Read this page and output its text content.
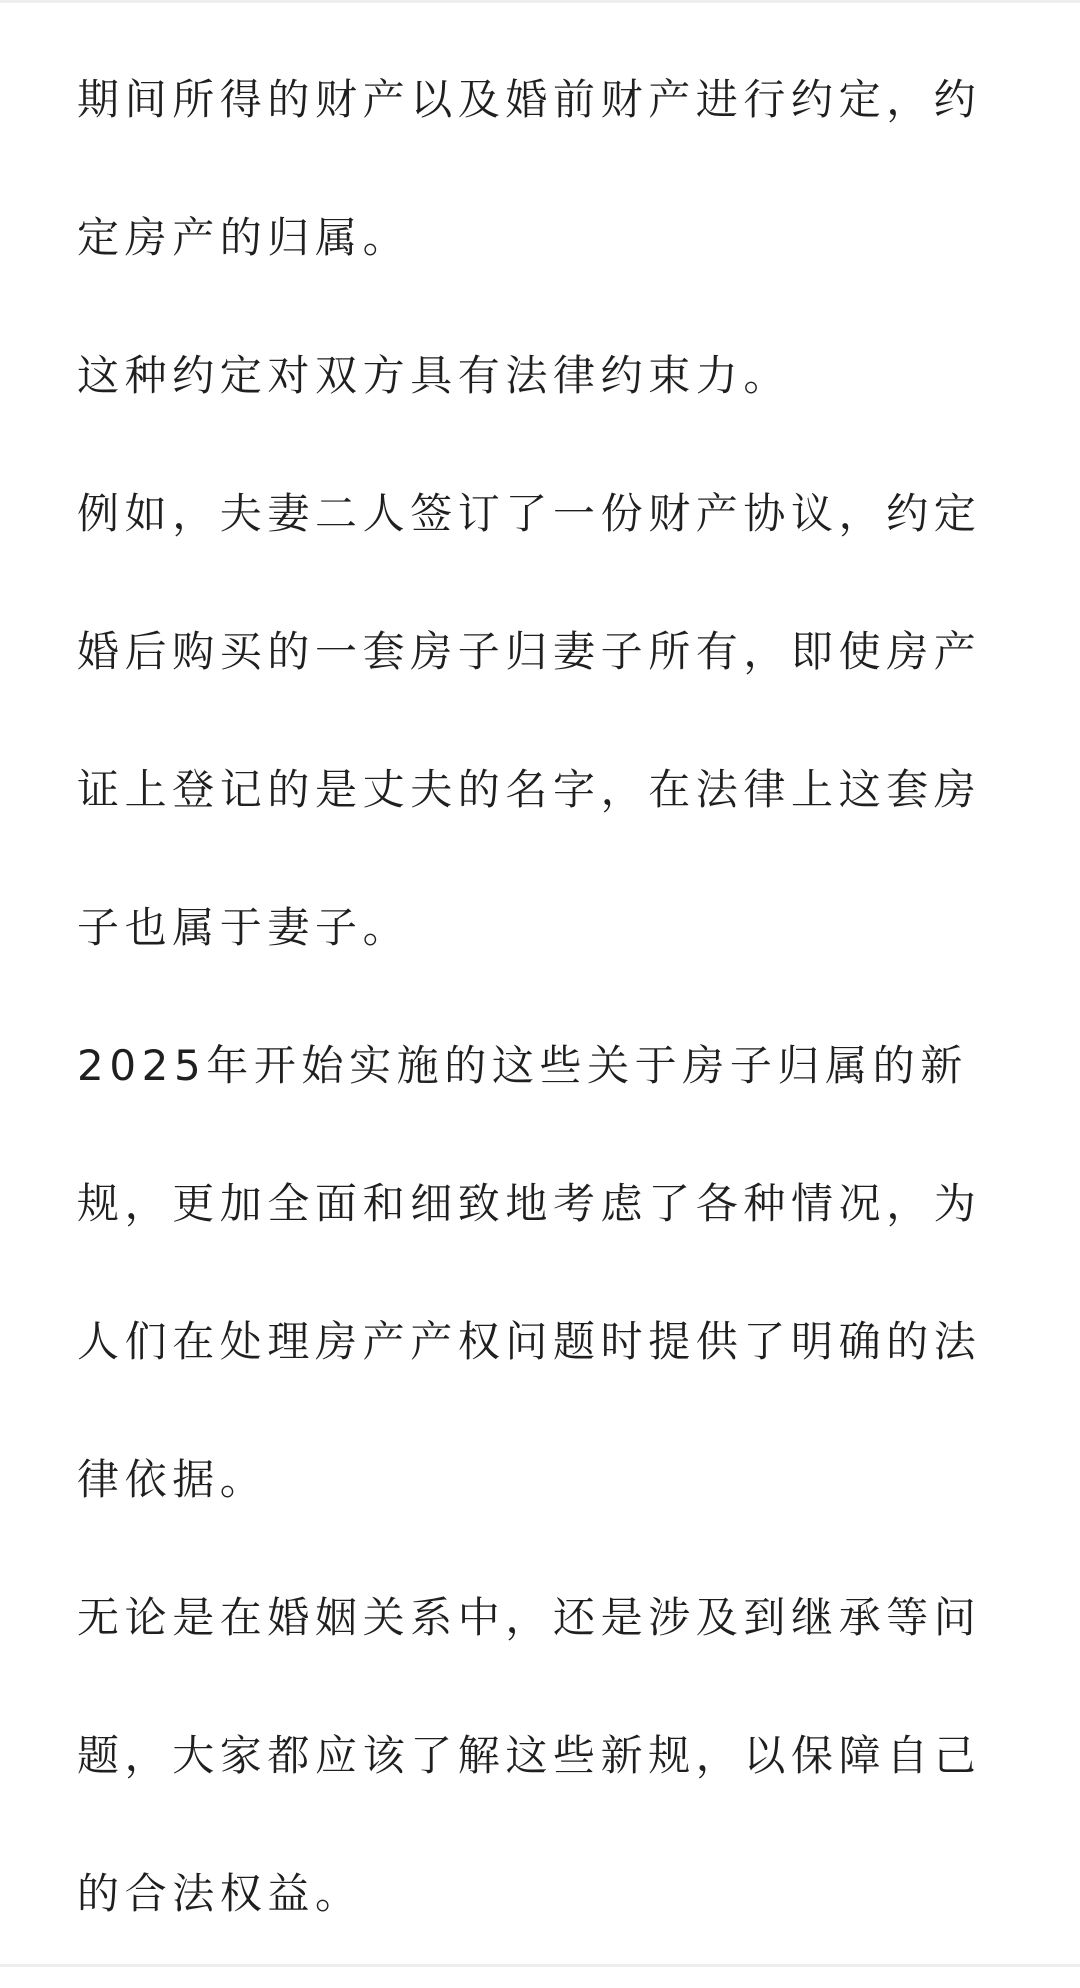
期间所得的财产以及婚前财产进行约定，约
定房产的归属。
这种约定对双方具有法律约束力。
例如，夫妻二人签订了一份财产协议，约定
婚后购买的一套房子归妻子所有，即使房产
证上登记的是丈夫的名字，在法律上这套房
子也属于妻子。
2025年开始实施的这些关于房子归属的新
规，更加全面和细致地考虑了各种情况，为
人们在处理房产产权问题时提供了明确的法
律依据。
无论是在婚姻关系中，还是涉及到继承等问
题，大家都应该了解这些新规，以保障自己
的合法权益。
